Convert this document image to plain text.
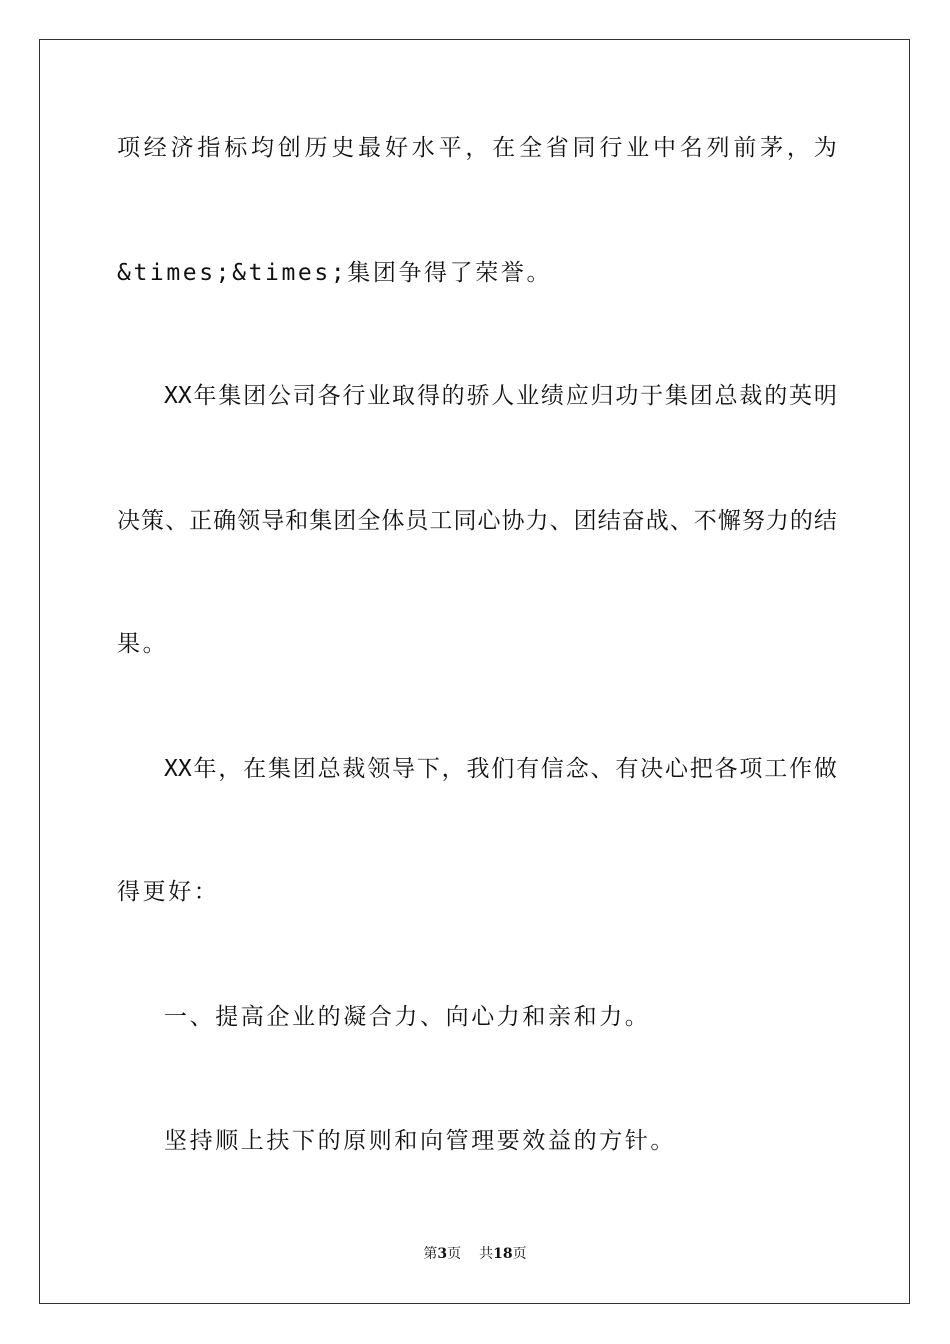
项 经 济 指 标 均 创 历 史 最 好 水 平 ， 在 全 省 同 行 业 中 名 列 前 茅 ， 为
&times;&times;集团争得了荣誉。
XX 年 集 团 公 司 各 行 业 取 得 的 骄 人 业 绩 应 归 功 于 集 团 总 裁 的 英 明
决 策 、 正 确 领 导 和 集 团 全 体 员 工 同 心 协 力 、 团 结 奋 战 、 不 懈 努 力 的 结
果。
XX 年 ， 在 集 团 总 裁 领 导 下 ， 我 们 有 信 念 、 有 决 心 把 各 项 工 作 做
得更好：
一、提高企业的凝合力、向心力和亲和力。
坚持顺上扶下的原则和向管理要效益的方针。
第3页 共18页
